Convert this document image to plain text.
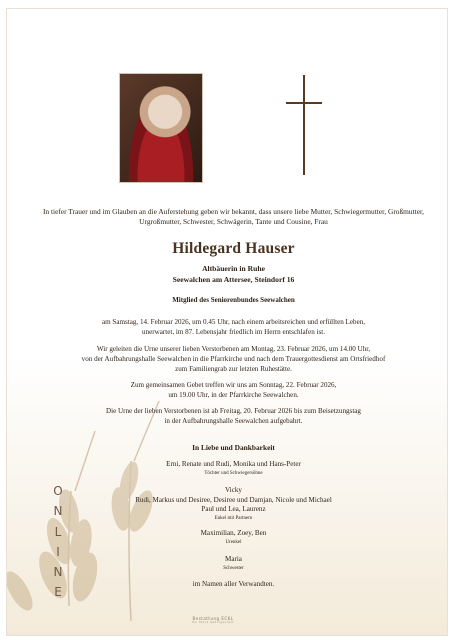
In tiefer Trauer und im Glauben an die Auferstehung geben wir bekannt, dass unsere liebe Mutter, Schwiegermutter, Großmutter, Urgroßmutter, Schwester, Schwägerin, Tante und Cousine, Frau
Hildegard Hauser
Altbäuerin in Ruhe
Seewalchen am Attersee, Steindorf 16
Mitglied des Seniorenbundes Seewalchen
am Samstag, 14. Februar 2026, um 0.45 Uhr, nach einem arbeitsreichen und erfüllten Leben,
unerwartet, im 87. Lebensjahr friedlich im Herrn entschlafen ist.
Wir geleiten die Urne unserer lieben Verstorbenen am Montag, 23. Februar 2026, um 14.00 Uhr,
von der Aufbahrungshalle Seewalchen in die Pfarrkirche und nach dem Trauergottesdienst am Ortsfriedhof
zum Familiengrab zur letzten Ruhestätte.
Zum gemeinsamen Gebet treffen wir uns am Sonntag, 22. Februar 2026,
um 19.00 Uhr, in der Pfarrkirche Seewalchen.
Die Urne der lieben Verstorbenen ist ab Freitag, 20. Februar 2026 bis zum Beisetzungstag
in der Aufbahrungshalle Seewalchen aufgebahrt.
In Liebe und Dankbarkeit
Erni, Renate und Rudi, Monika und Hans-Peter
Töchter und Schwiegersöhne
Vicky
Rudi, Markus und Desiree, Desiree und Damjan, Nicole und Michael
Paul und Lea, Laurenz
Enkel mit Partnern
Maximilian, Zoey, Ben
Urenkel
Maria
Schwester
im Namen aller Verwandten.
O
N
L
I
N
E
Bestattung ECKL
Ein Stück Geborgenheit
